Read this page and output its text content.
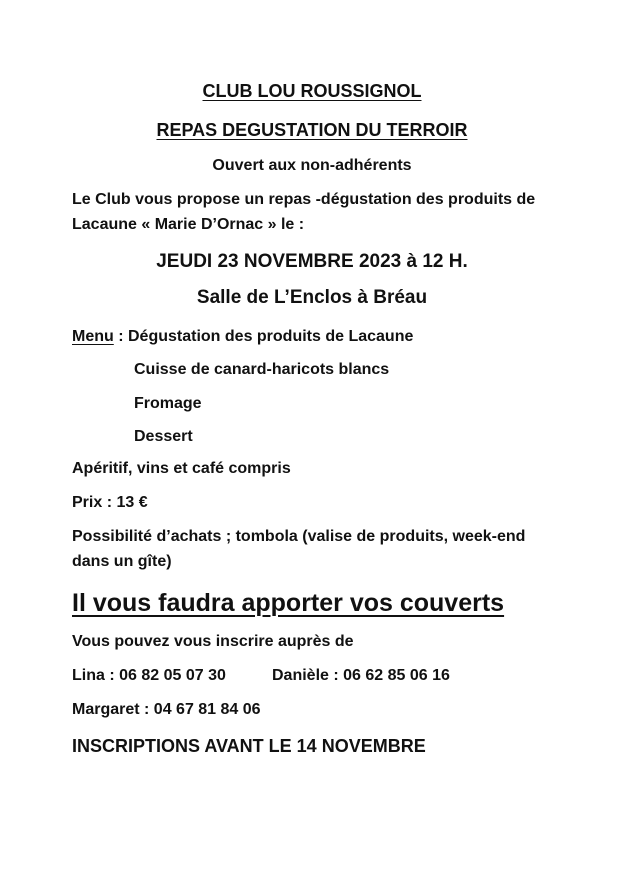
CLUB LOU ROUSSIGNOL
REPAS DEGUSTATION DU TERROIR
Ouvert aux non-adhérents
Le Club vous propose un repas -dégustation des produits de
Lacaune « Marie D’Ornac » le :
JEUDI 23 NOVEMBRE 2023 à 12 H.
Salle de L’Enclos à Bréau
Menu : Dégustation des produits de Lacaune
Cuisse de canard-haricots blancs
Fromage
Dessert
Apéritif, vins et café compris
Prix : 13 €
Possibilité d’achats ; tombola (valise de produits, week-end
dans un gîte)
Il vous faudra apporter vos couverts
Vous pouvez vous inscrire auprès de
Lina : 06 82 05 07 30	Danièle : 06 62 85 06 16
Margaret : 04 67 81 84 06
INSCRIPTIONS AVANT LE 14 NOVEMBRE
